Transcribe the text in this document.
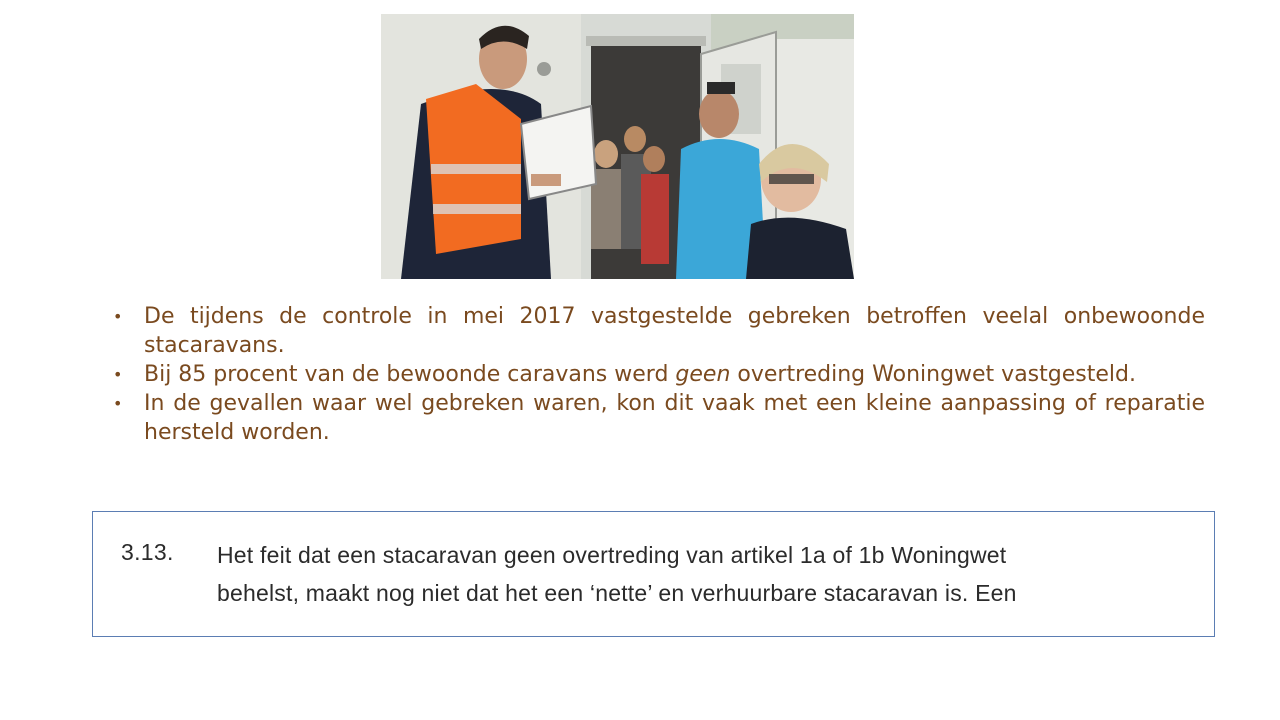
• De tijdens de controle in mei 2017 vastgestelde gebreken betroffen veelal onbewoonde stacaravans.
• Bij 85 procent van de bewoonde caravans werd geen overtreding Woningwet vastgesteld.
• In de gevallen waar wel gebreken waren, kon dit vaak met een kleine aanpassing of reparatie hersteld worden.
3.13. Het feit dat een stacaravan geen overtreding van artikel 1a of 1b Woningwet
behelst, maakt nog niet dat het een ‘nette’ en verhuurbare stacaravan is. Een
